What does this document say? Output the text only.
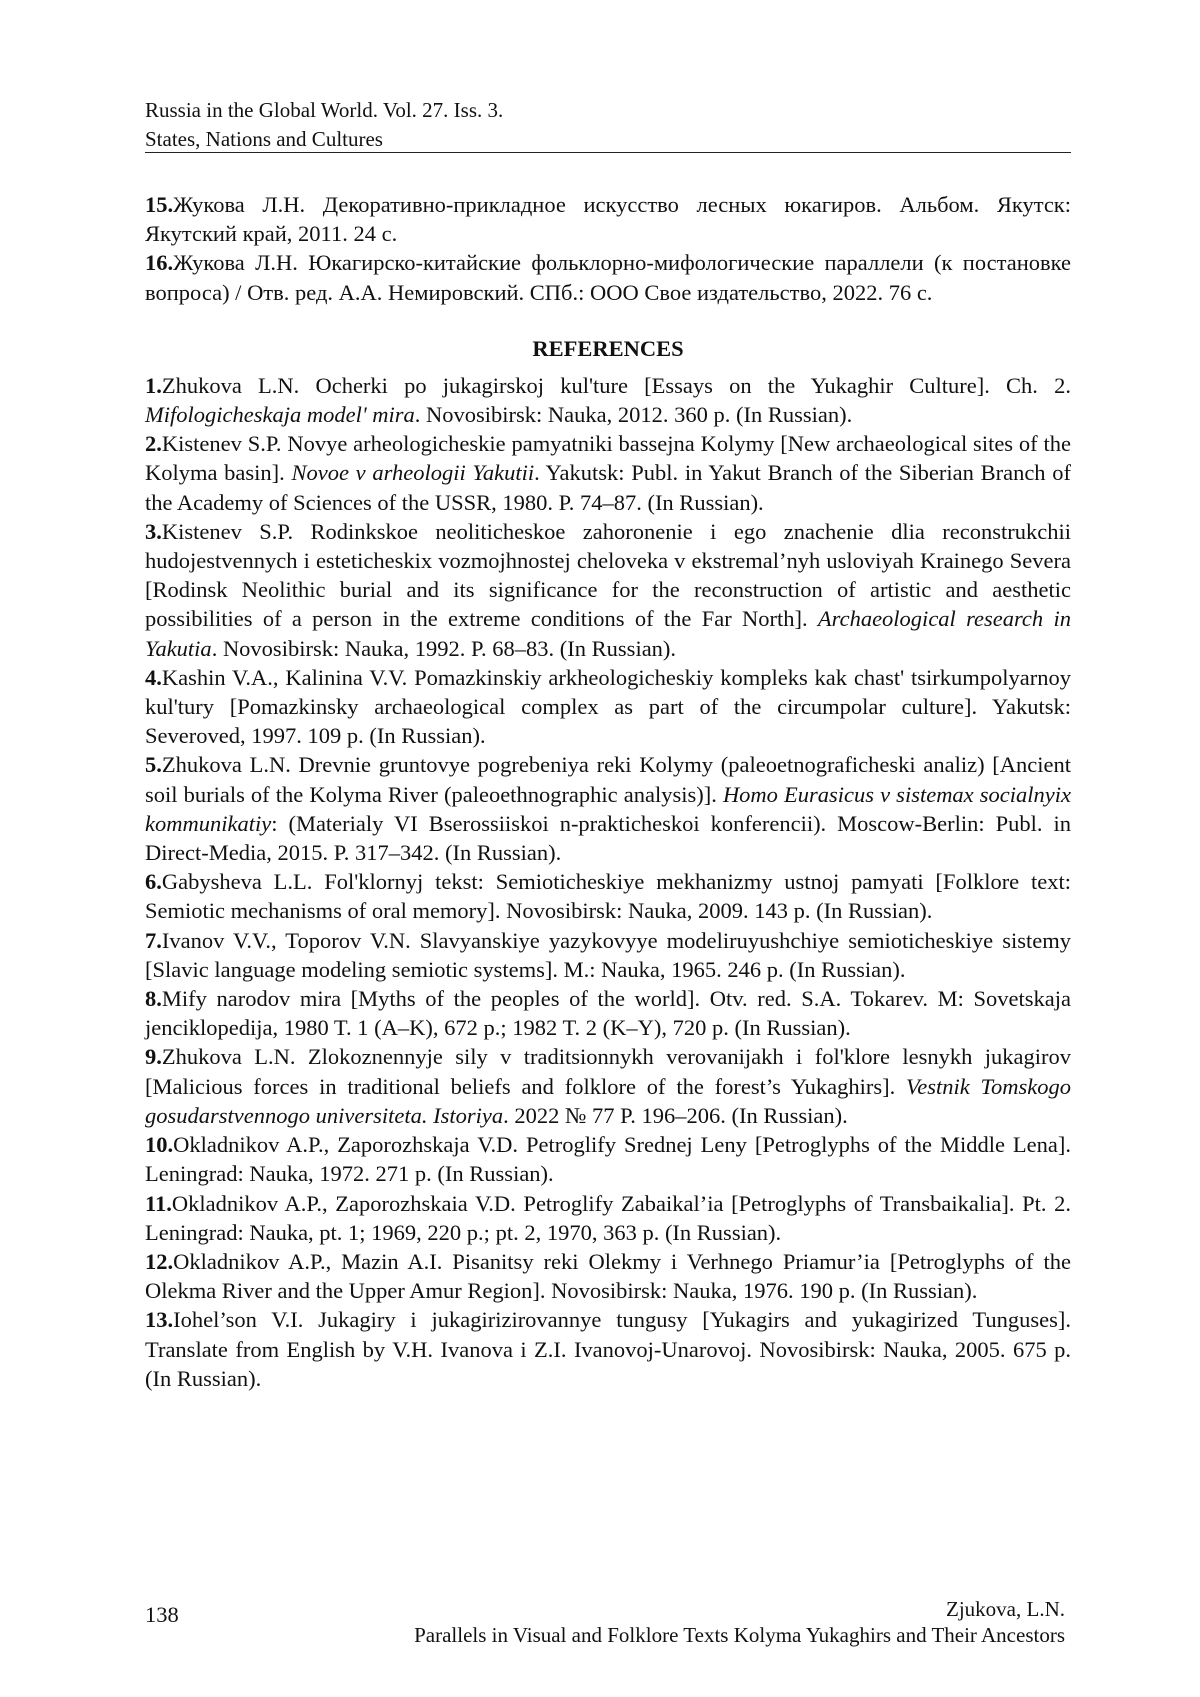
Russia in the Global World. Vol. 27. Iss. 3.
States, Nations and Cultures

15.Жукова Л.Н. Декоративно-прикладное искусство лесных юкагиров. Альбом. Якутск: Якутский край, 2011. 24 с.

16.Жукова Л.Н. Юкагирско-китайские фольклорно-мифологические параллели (к постановке вопроса) / Отв. ред. А.А. Немировский. СПб.: ООО Свое издательство, 2022. 76 с.

REFERENCES

1.Zhukova L.N. Ocherki po jukagirskoj kul'ture [Essays on the Yukaghir Culture]. Ch. 2. Mifologicheskaja model' mira. Novosibirsk: Nauka, 2012. 360 p. (In Russian).

2.Kistenev S.P. Novye arheologicheskie pamyatniki bassejna Kolymy [New archaeological sites of the Kolyma basin]. Novoe v arheologii Yakutii. Yakutsk: Publ. in Yakut Branch of the Siberian Branch of the Academy of Sciences of the USSR, 1980. P. 74–87. (In Russian).

3.Kistenev S.P. Rodinkskoe neoliticheskoe zahoronenie i ego znachenie dlia reconstrukchii hudojestvennych i esteticheskix vozmojhnostej cheloveka v ekstremal’nyh usloviyah Krainego Severa [Rodinsk Neolithic burial and its significance for the reconstruction of artistic and aesthetic possibilities of a person in the extreme conditions of the Far North]. Archaeological research in Yakutia. Novosibirsk: Nauka, 1992. P. 68–83. (In Russian).

4.Kashin V.A., Kalinina V.V. Pomazkinskiy arkheologicheskiy kompleks kak chast' tsirkumpolyarnoy kul'tury [Pomazkinsky archaeological complex as part of the circumpolar culture]. Yakutsk: Severoved, 1997. 109 p. (In Russian).

5.Zhukova L.N. Drevnie gruntovye pogrebeniya reki Kolymy (paleoetnograficheski analiz) [Ancient soil burials of the Kolyma River (paleoethnographic analysis)]. Homo Eurasicus v sistemax socialnyix kommunikatiy: (Materialy VI Bserossiiskoi n-prakticheskoi konferencii). Moscow-Berlin: Publ. in Direct-Media, 2015. P. 317–342. (In Russian).

6.Gabysheva L.L. Fol'klornyj tekst: Semioticheskiye mekhanizmy ustnoj pamyati [Folklore text: Semiotic mechanisms of oral memory]. Novosibirsk: Nauka, 2009. 143 p. (In Russian).

7.Ivanov V.V., Toporov V.N. Slavyanskiye yazykovyye modeliruyushchiye semioticheskiye sistemy [Slavic language modeling semiotic systems]. M.: Nauka, 1965. 246 p. (In Russian).

8.Mify narodov mira [Myths of the peoples of the world]. Otv. red. S.A. Tokarev. M: Sovetskaja jenciklopedija, 1980 T. 1 (A–K), 672 p.; 1982 T. 2 (K–Y), 720 p. (In Russian).

9.Zhukova L.N. Zlokoznennyje sily v traditsionnykh verovanijakh i fol'klore lesnykh jukagirov [Malicious forces in traditional beliefs and folklore of the forest’s Yukaghirs]. Vestnik Tomskogo gosudarstvennogo universiteta. Istoriya. 2022 № 77 P. 196–206. (In Russian).

10.Okladnikov A.P., Zaporozhskaja V.D. Petroglify Srednej Leny [Petroglyphs of the Middle Lena]. Leningrad: Nauka, 1972. 271 p. (In Russian).

11.Okladnikov A.P., Zaporozhskaia V.D. Petroglify Zabaikal’ia [Petroglyphs of Transbaikalia]. Pt. 2. Leningrad: Nauka, pt. 1; 1969, 220 p.; pt. 2, 1970, 363 p. (In Russian).

12.Okladnikov A.P., Mazin A.I. Pisanitsy reki Olekmy i Verhnego Priamur’ia [Petroglyphs of the Olekma River and the Upper Amur Region]. Novosibirsk: Nauka, 1976. 190 p. (In Russian).

13.Iohel’son V.I. Jukagiry i jukagirizirovannye tungusy [Yukagirs and yukagirized Tunguses]. Translate from English by V.H. Ivanova i Z.I. Ivanovoj-Unarovoj. Novosibirsk: Nauka, 2005. 675 p. (In Russian).

138	Zjukova, L.N.
Parallels in Visual and Folklore Texts Kolyma Yukaghirs and Their Ancestors
